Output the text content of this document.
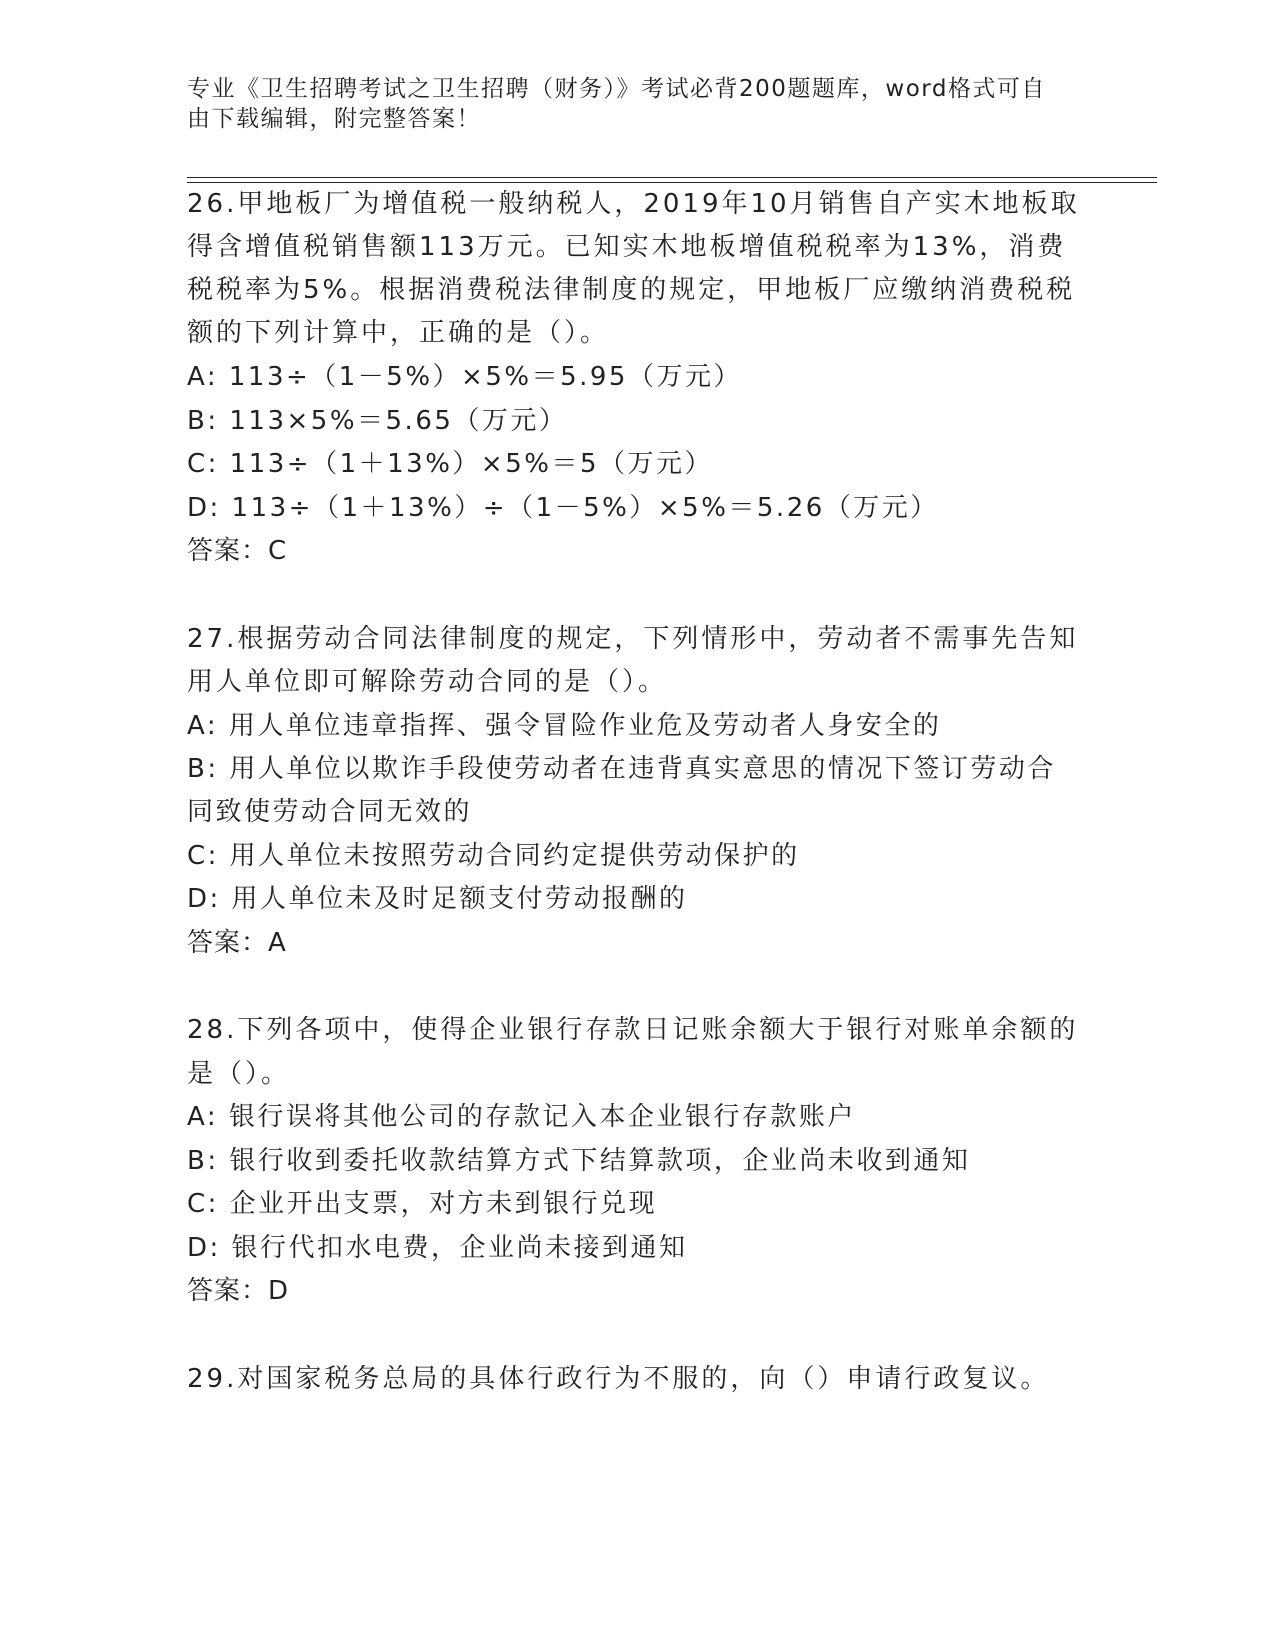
专业《卫生招聘考试之卫生招聘（财务）》考试必背200题题库，word格式可自
由下载编辑，附完整答案！
26.甲地板厂为增值税一般纳税人，2019年10月销售自产实木地板取
得含增值税销售额113万元。已知实木地板增值税税率为13%，消费
税税率为5%。根据消费税法律制度的规定，甲地板厂应缴纳消费税税
额的下列计算中，正确的是（）。
A: 113÷（1－5%）×5%＝5.95（万元）
B: 113×5%＝5.65（万元）
C: 113÷（1＋13%）×5%＝5（万元）
D: 113÷（1＋13%）÷（1－5%）×5%＝5.26（万元）
答案：C
27.根据劳动合同法律制度的规定，下列情形中，劳动者不需事先告知
用人单位即可解除劳动合同的是（）。
A: 用人单位违章指挥、强令冒险作业危及劳动者人身安全的
B: 用人单位以欺诈手段使劳动者在违背真实意思的情况下签订劳动合
同致使劳动合同无效的
C: 用人单位未按照劳动合同约定提供劳动保护的
D: 用人单位未及时足额支付劳动报酬的
答案：A
28.下列各项中，使得企业银行存款日记账余额大于银行对账单余额的
是（）。
A: 银行误将其他公司的存款记入本企业银行存款账户
B: 银行收到委托收款结算方式下结算款项，企业尚未收到通知
C: 企业开出支票，对方未到银行兑现
D: 银行代扣水电费，企业尚未接到通知
答案：D
29.对国家税务总局的具体行政行为不服的，向（）申请行政复议。
